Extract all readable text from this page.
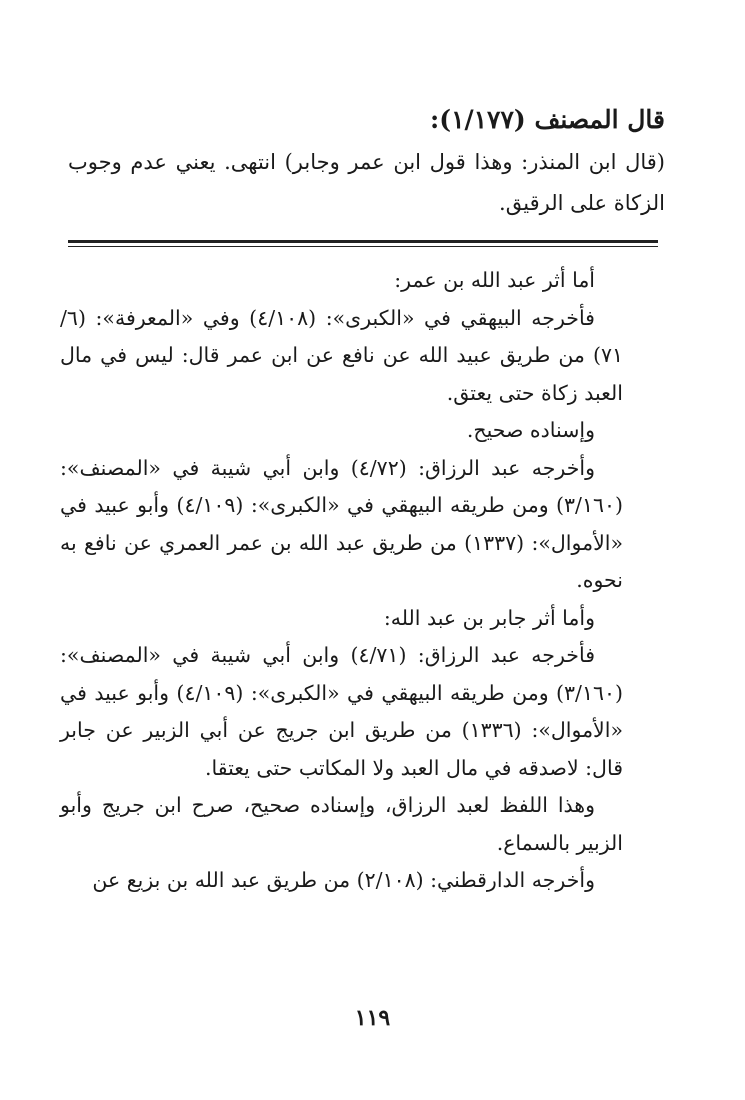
قال المصنف (١/١٧٧):

(قال ابن المنذر: وهذا قول ابن عمر وجابر) انتهى. يعني عدم وجوب الزكاة على الرقيق.

أما أثر عبد الله بن عمر:

فأخرجه البيهقي في «الكبرى»: (٤/١٠٨) وفي «المعرفة»: (٦/ ٧١) من طريق عبيد الله عن نافع عن ابن عمر قال: ليس في مال العبد زكاة حتى يعتق.

وإسناده صحيح.

وأخرجه عبد الرزاق: (٤/٧٢) وابن أبي شيبة في «المصنف»: (٣/١٦٠) ومن طريقه البيهقي في «الكبرى»: (٤/١٠٩) وأبو عبيد في «الأموال»: (١٣٣٧) من طريق عبد الله بن عمر العمري عن نافع به نحوه.

وأما أثر جابر بن عبد الله:

فأخرجه عبد الرزاق: (٤/٧١) وابن أبي شيبة في «المصنف»: (٣/١٦٠) ومن طريقه البيهقي في «الكبرى»: (٤/١٠٩) وأبو عبيد في «الأموال»: (١٣٣٦) من طريق ابن جريج عن أبي الزبير عن جابر قال: لاصدقه في مال العبد ولا المكاتب حتى يعتقا.

وهذا اللفظ لعبد الرزاق، وإسناده صحيح، صرح ابن جريج وأبو الزبير بالسماع.

وأخرجه الدارقطني: (٢/١٠٨) من طريق عبد الله بن بزيع عن

١١٩
